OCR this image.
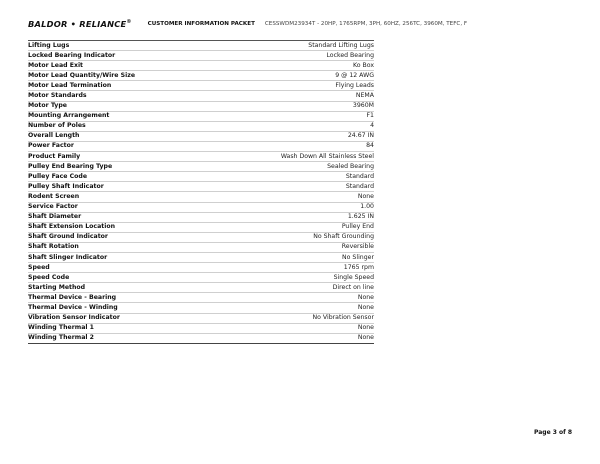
BALDOR • RELIANCE®	CUSTOMER INFORMATION PACKET CESSWDM23934T - 20HP, 1765RPM, 3PH, 60HZ, 256TC, 3960M, TEFC, F
Lifting Lugs	Standard Lifting Lugs
Locked Bearing Indicator	Locked Bearing
Motor Lead Exit	Ko Box
Motor Lead Quantity/Wire Size	9 @ 12 AWG
Motor Lead Termination	Flying Leads
Motor Standards	NEMA
Motor Type	3960M
Mounting Arrangement	F1
Number of Poles	4
Overall Length	24.67 IN
Power Factor	84
Product Family	Wash Down All Stainless Steel
Pulley End Bearing Type	Sealed Bearing
Pulley Face Code	Standard
Pulley Shaft Indicator	Standard
Rodent Screen	None
Service Factor	1.00
Shaft Diameter	1.625 IN
Shaft Extension Location	Pulley End
Shaft Ground Indicator	No Shaft Grounding
Shaft Rotation	Reversible
Shaft Slinger Indicator	No Slinger
Speed	1765 rpm
Speed Code	Single Speed
Starting Method	Direct on line
Thermal Device - Bearing	None
Thermal Device - Winding	None
Vibration Sensor Indicator	No Vibration Sensor
Winding Thermal 1	None
Winding Thermal 2	None
Page 3 of 8
